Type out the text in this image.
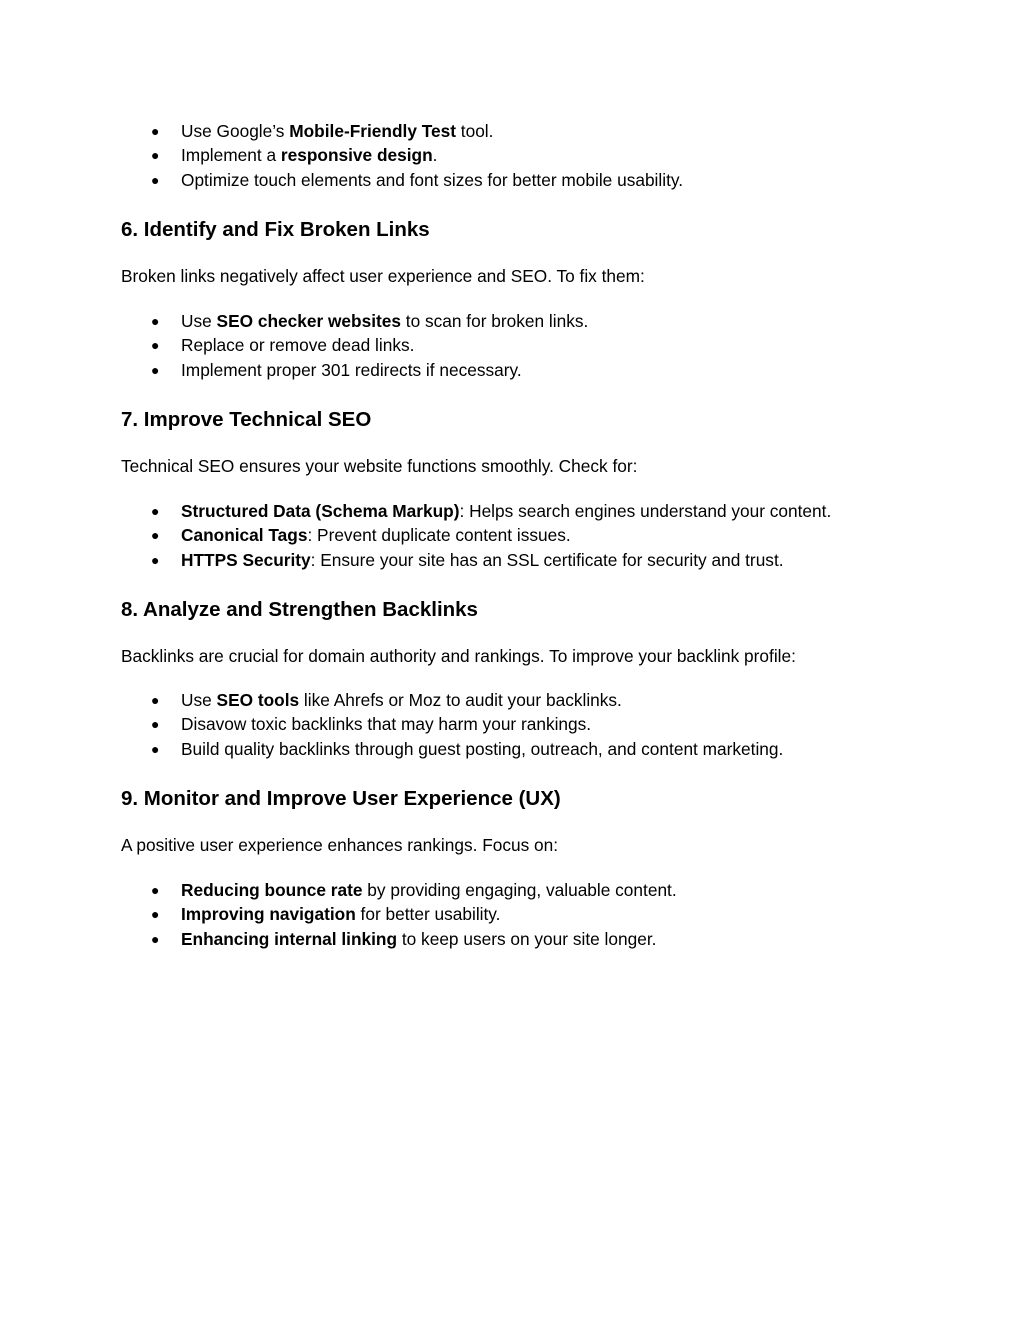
● Use Google’s Mobile-Friendly Test tool.
● Implement a responsive design.
● Optimize touch elements and font sizes for better mobile usability.
6. Identify and Fix Broken Links

Broken links negatively affect user experience and SEO. To fix them:

● Use SEO checker websites to scan for broken links.
● Replace or remove dead links.
● Implement proper 301 redirects if necessary.
7. Improve Technical SEO

Technical SEO ensures your website functions smoothly. Check for:

● Structured Data (Schema Markup): Helps search engines understand your content.
● Canonical Tags: Prevent duplicate content issues.
● HTTPS Security: Ensure your site has an SSL certificate for security and trust.
8. Analyze and Strengthen Backlinks

Backlinks are crucial for domain authority and rankings. To improve your backlink profile:

● Use SEO tools like Ahrefs or Moz to audit your backlinks.
● Disavow toxic backlinks that may harm your rankings.
● Build quality backlinks through guest posting, outreach, and content marketing.
9. Monitor and Improve User Experience (UX)

A positive user experience enhances rankings. Focus on:

● Reducing bounce rate by providing engaging, valuable content.
● Improving navigation for better usability.
● Enhancing internal linking to keep users on your site longer.
